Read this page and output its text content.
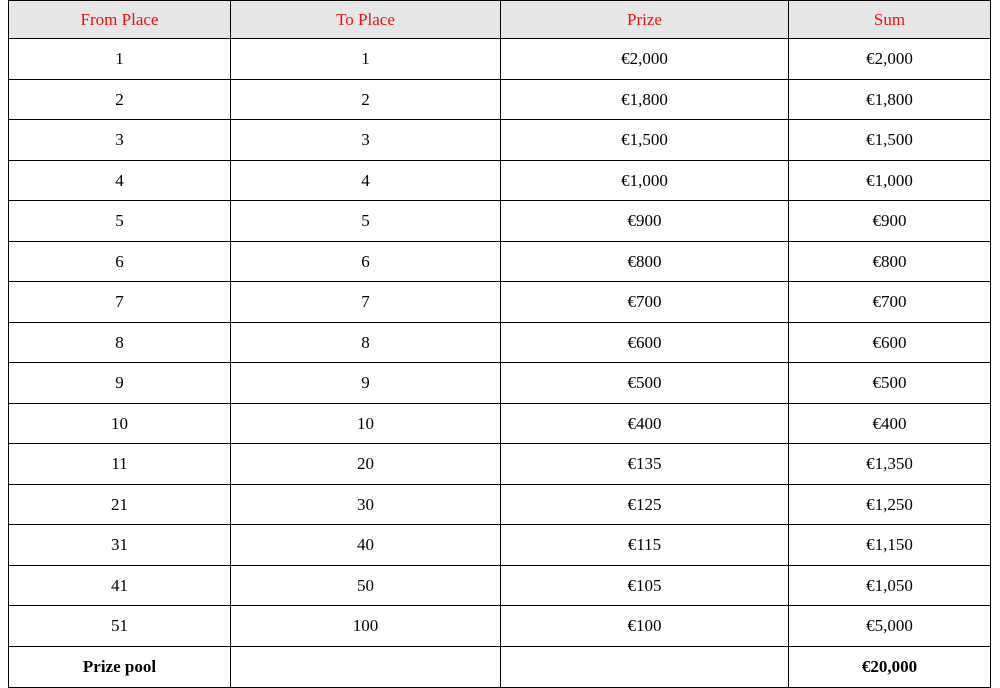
From Place	To Place	Prize	Sum
1	1	€2,000	€2,000
2	2	€1,800	€1,800
3	3	€1,500	€1,500
4	4	€1,000	€1,000
5	5	€900	€900
6	6	€800	€800
7	7	€700	€700
8	8	€600	€600
9	9	€500	€500
10	10	€400	€400
11	20	€135	€1,350
21	30	€125	€1,250
31	40	€115	€1,150
41	50	€105	€1,050
51	100	€100	€5,000
Prize pool			€20,000
